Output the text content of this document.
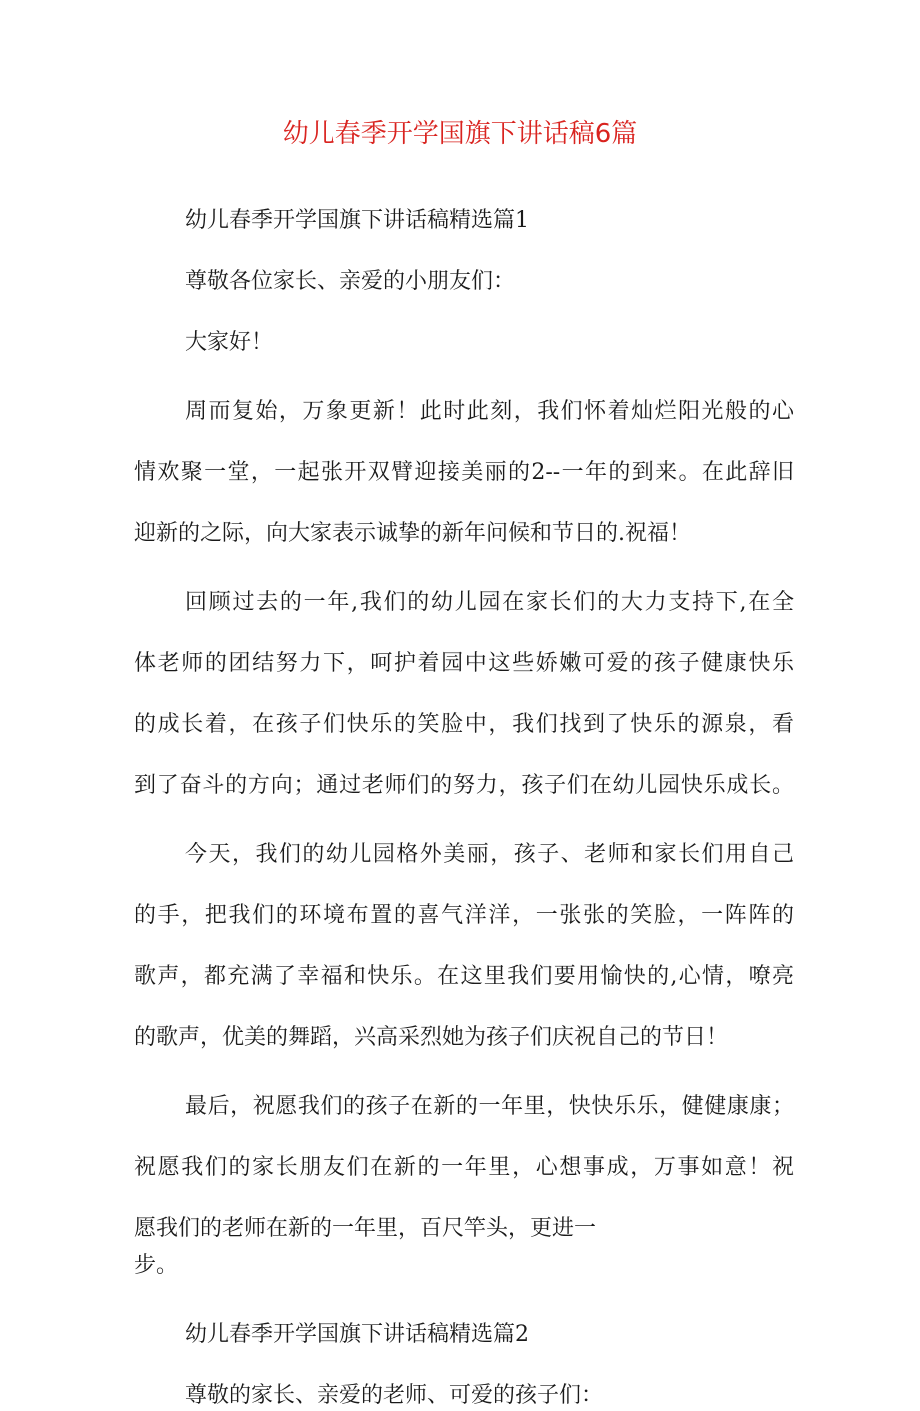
幼儿春季开学国旗下讲话稿6篇
幼儿春季开学国旗下讲话稿精选篇1
尊敬各位家长、亲爱的小朋友们：
大家好！
周而复始，万象更新！此时此刻，我们怀着灿烂阳光般的心
情欢聚一堂，一起张开双臂迎接美丽的2--一年的到来。在此辞旧
迎新的之际，向大家表示诚挚的新年问候和节日的.祝福！
回顾过去的一年,我们的幼儿园在家长们的大力支持下,在全
体老师的团结努力下，呵护着园中这些娇嫩可爱的孩子健康快乐
的成长着，在孩子们快乐的笑脸中，我们找到了快乐的源泉，看
到了奋斗的方向；通过老师们的努力，孩子们在幼儿园快乐成长。
今天，我们的幼儿园格外美丽，孩子、老师和家长们用自己
的手，把我们的环境布置的喜气洋洋，一张张的笑脸，一阵阵的
歌声，都充满了幸福和快乐。在这里我们要用愉快的,心情，嘹亮
的歌声，优美的舞蹈，兴高采烈她为孩子们庆祝自己的节日！
最后，祝愿我们的孩子在新的一年里，快快乐乐，健健康康；
祝愿我们的家长朋友们在新的一年里，心想事成，万事如意！祝
愿我们的老师在新的一年里，百尺竿头，更进一
步。
幼儿春季开学国旗下讲话稿精选篇2
尊敬的家长、亲爱的老师、可爱的孩子们：
